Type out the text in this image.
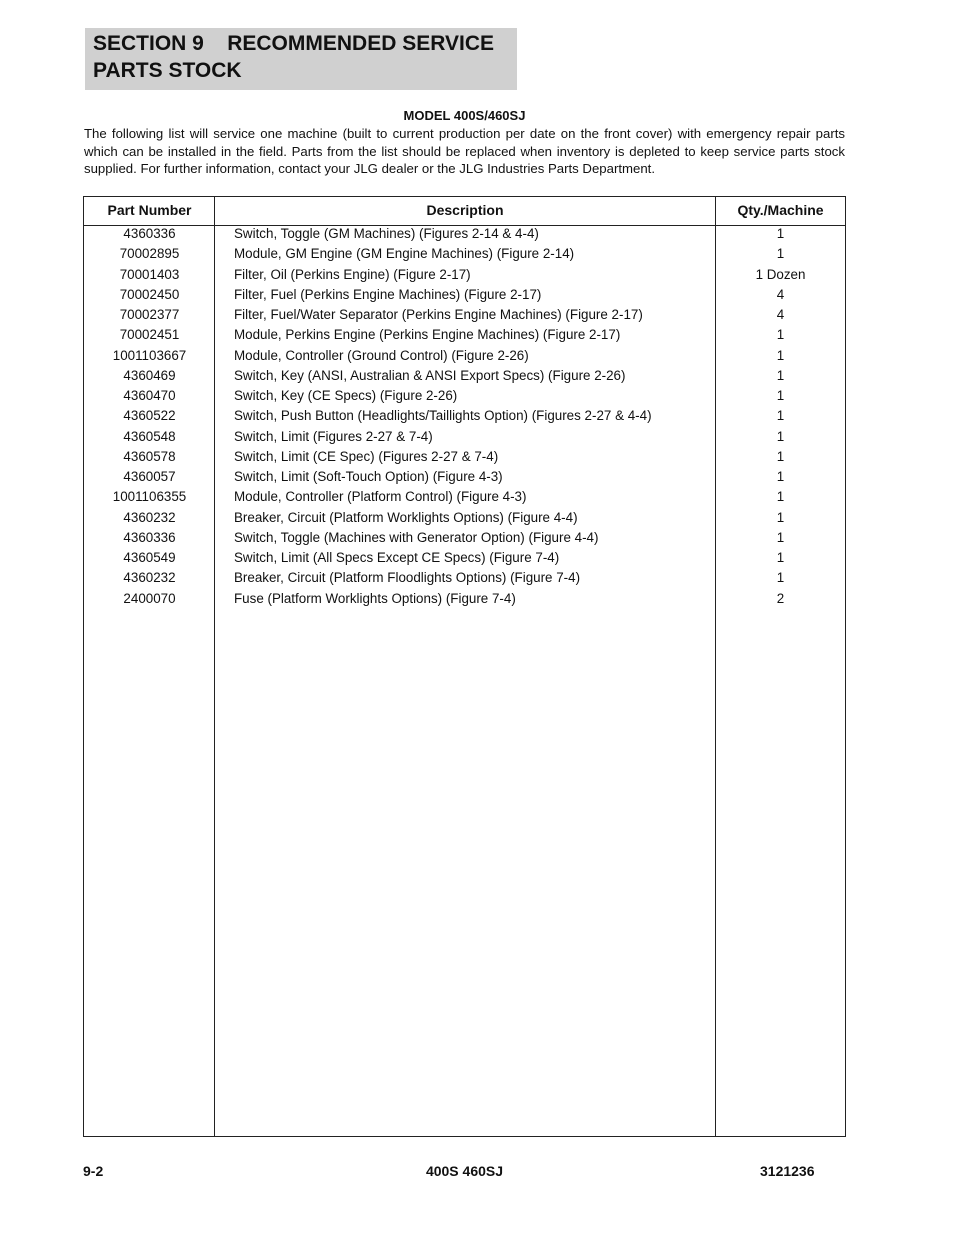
SECTION 9    RECOMMENDED SERVICE
PARTS STOCK
MODEL 400S/460SJ

The following list will service one machine (built to current production per date on the front cover) with emergency repair parts which can be installed in the field. Parts from the list should be replaced when inventory is depleted to keep service parts stock supplied. For further information, contact your JLG dealer or the JLG Industries Parts Department.

Part Number	Description	Qty./Machine
4360336	Switch, Toggle (GM Machines) (Figures 2-14 & 4-4)	1
70002895	Module, GM Engine (GM Engine Machines) (Figure 2-14)	1
70001403	Filter, Oil (Perkins Engine) (Figure 2-17)	1 Dozen
70002450	Filter, Fuel (Perkins Engine Machines) (Figure 2-17)	4
70002377	Filter, Fuel/Water Separator (Perkins Engine Machines) (Figure 2-17)	4
70002451	Module, Perkins Engine (Perkins Engine Machines) (Figure 2-17)	1
1001103667	Module, Controller (Ground Control) (Figure 2-26)	1
4360469	Switch, Key (ANSI, Australian & ANSI Export Specs) (Figure 2-26)	1
4360470	Switch, Key (CE Specs) (Figure 2-26)	1
4360522	Switch, Push Button (Headlights/Taillights Option) (Figures 2-27 & 4-4)	1
4360548	Switch, Limit (Figures 2-27 & 7-4)	1
4360578	Switch, Limit (CE Spec) (Figures 2-27 & 7-4)	1
4360057	Switch, Limit (Soft-Touch Option) (Figure 4-3)	1
1001106355	Module, Controller (Platform Control) (Figure 4-3)	1
4360232	Breaker, Circuit (Platform Worklights Options) (Figure 4-4)	1
4360336	Switch, Toggle (Machines with Generator Option) (Figure 4-4)	1
4360549	Switch, Limit (All Specs Except CE Specs) (Figure 7-4)	1
4360232	Breaker, Circuit (Platform Floodlights Options) (Figure 7-4)	1
2400070	Fuse (Platform Worklights Options) (Figure 7-4)	2
9-2	400S 460SJ	3121236
